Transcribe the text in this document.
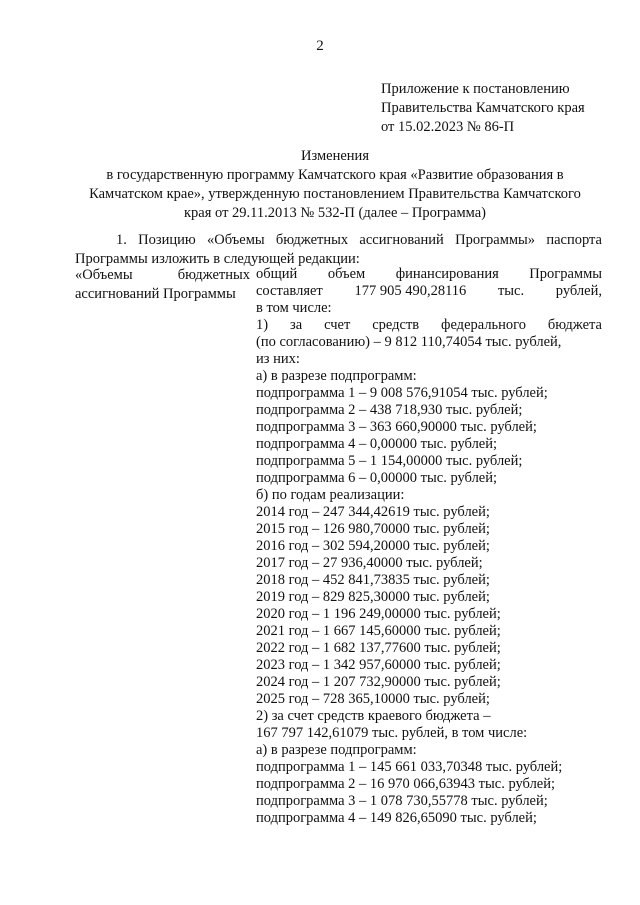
2
Приложение к постановлению
Правительства Камчатского края
от 15.02.2023 № 86-П
Изменения
в государственную программу Камчатского края «Развитие образования в
Камчатском крае», утвержденную постановлением Правительства Камчатского
края от 29.11.2013 № 532-П (далее – Программа)
1. Позицию «Объемы бюджетных ассигнований Программы» паспорта
Программы изложить в следующей редакции:
«Объемы	бюджетных
ассигнований Программы
общий объем финансирования Программы
составляет 177 905 490,28116 тыс. рублей,
в том числе:
1) за счет средств федерального бюджета
(по согласованию) – 9 812 110,74054 тыс. рублей,
из них:
а) в разрезе подпрограмм:
подпрограмма 1 – 9 008 576,91054 тыс. рублей;
подпрограмма 2 – 438 718,930 тыс. рублей;
подпрограмма 3 – 363 660,90000 тыс. рублей;
подпрограмма 4 – 0,00000 тыс. рублей;
подпрограмма 5 – 1 154,00000 тыс. рублей;
подпрограмма 6 – 0,00000 тыс. рублей;
б) по годам реализации:
2014 год – 247 344,42619 тыс. рублей;
2015 год – 126 980,70000 тыс. рублей;
2016 год – 302 594,20000 тыс. рублей;
2017 год – 27 936,40000 тыс. рублей;
2018 год – 452 841,73835 тыс. рублей;
2019 год – 829 825,30000 тыс. рублей;
2020 год – 1 196 249,00000 тыс. рублей;
2021 год – 1 667 145,60000 тыс. рублей;
2022 год – 1 682 137,77600 тыс. рублей;
2023 год – 1 342 957,60000 тыс. рублей;
2024 год – 1 207 732,90000 тыс. рублей;
2025 год – 728 365,10000 тыс. рублей;
2) за счет средств краевого бюджета –
167 797 142,61079 тыс. рублей, в том числе:
а) в разрезе подпрограмм:
подпрограмма 1 – 145 661 033,70348 тыс. рублей;
подпрограмма 2 – 16 970 066,63943 тыс. рублей;
подпрограмма 3 – 1 078 730,55778 тыс. рублей;
подпрограмма 4 – 149 826,65090 тыс. рублей;
